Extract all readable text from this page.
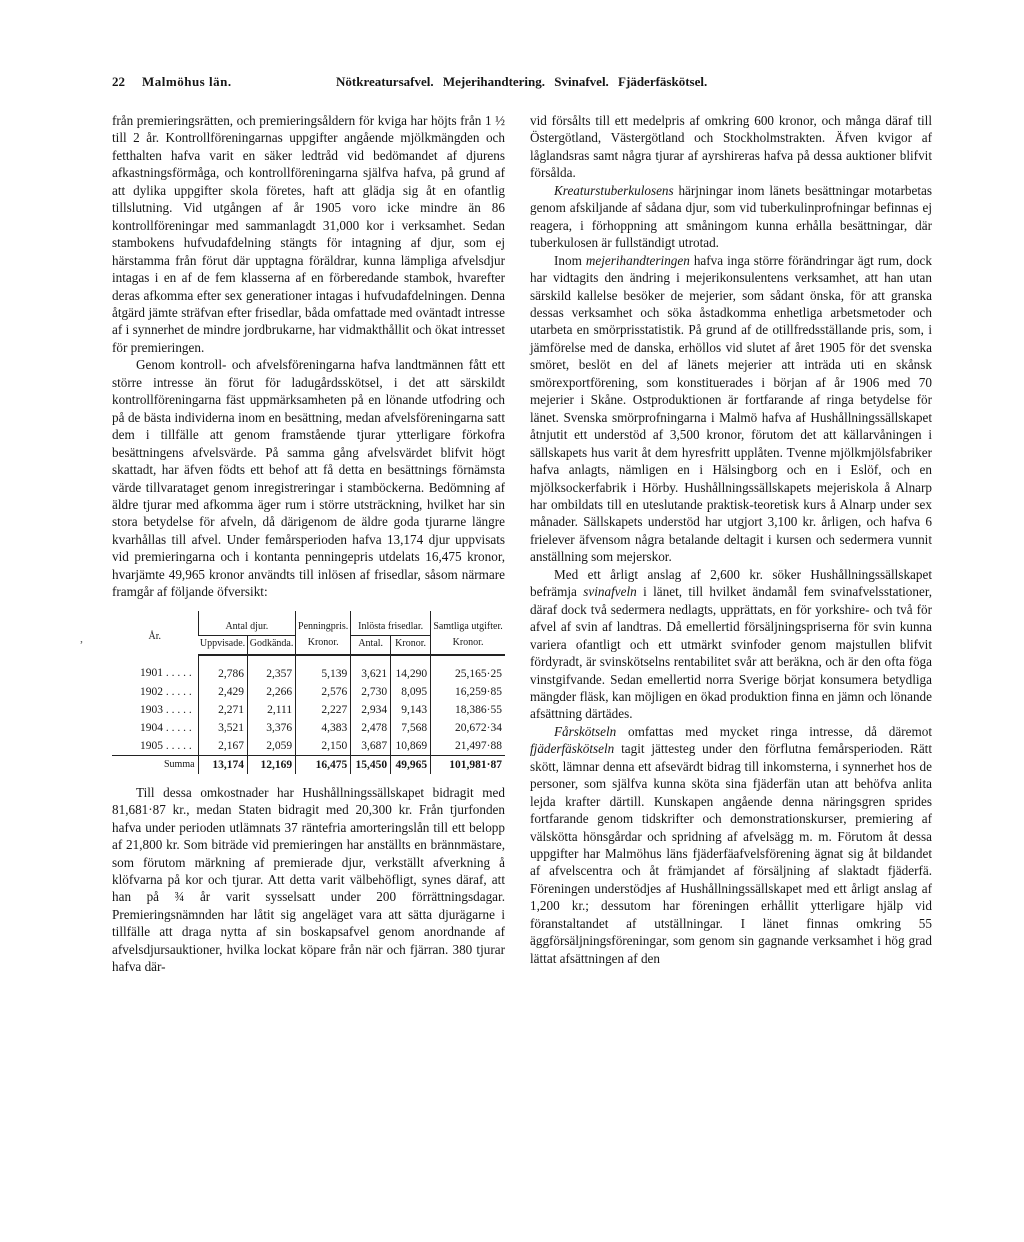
22 Malmöhus län.	Nötkreatursafvel. Mejerihandtering. Svinafvel. Fjäderfäskötsel.
,

från premieringsrätten, och premieringsåldern för kviga har höjts från 1 ½ till 2 år. Kontrollföreningarnas uppgifter angående mjölkmängden och fetthalten hafva varit en säker ledtråd vid bedömandet af djurens afkastningsförmåga, och kontrollföreningarna själfva hafva, på grund af att dylika uppgifter skola företes, haft att glädja sig åt en ofantlig tillslutning. Vid utgången af år 1905 voro icke mindre än 86 kontrollföreningar med sammanlagdt 31,000 kor i verksamhet. Sedan stambokens hufvudafdelning stängts för intagning af djur, som ej härstamma från förut där upptagna föräldrar, kunna lämpliga afvelsdjur intagas i en af de fem klasserna af en förberedande stambok, hvarefter deras afkomma efter sex generationer intagas i hufvudafdelningen. Denna åtgärd jämte sträfvan efter frisedlar, båda omfattade med oväntadt intresse af i synnerhet de mindre jordbrukarne, har vidmakthållit och ökat intresset för premieringen.

Genom kontroll- och afvelsföreningarna hafva landtmännen fått ett större intresse än förut för ladugårdsskötsel, i det att särskildt kontrollföreningarna fäst uppmärksamheten på en lönande utfodring och på de bästa individerna inom en besättning, medan afvelsföreningarna satt dem i tillfälle att genom framstående tjurar ytterligare förkofra besättningens afvelsvärde. På samma gång afvelsvärdet blifvit högt skattadt, har äfven födts ett behof att få detta en besättnings förnämsta värde tillvarataget genom inregistreringar i stamböckerna. Bedömning af äldre tjurar med afkomma äger rum i större utsträckning, hvilket har sin stora betydelse för afveln, då därigenom de äldre goda tjurarne längre kvarhållas till afvel. Under femårsperioden hafva 13,174 djur uppvisats vid premieringarna och i kontanta penningepris utdelats 16,475 kronor, hvarjämte 49,965 kronor användts till inlösen af frisedlar, såsom närmare framgår af följande öfversikt:

År.	Antal djur.		Penningpris.	Inlösta frisedlar.		Samtliga utgifter.
	Uppvisade.	Godkända.	Kronor.	Antal.	Kronor.	Kronor.
1901 . . . . .	2,786	2,357	5,139	3,621	14,290	25,165·25
1902 . . . . .	2,429	2,266	2,576	2,730	8,095	16,259·85
1903 . . . . .	2,271	2,111	2,227	2,934	9,143	18,386·55
1904 . . . . .	3,521	3,376	4,383	2,478	7,568	20,672·34
1905 . . . . .	2,167	2,059	2,150	3,687	10,869	21,497·88
Summa	13,174	12,169	16,475	15,450	49,965	101,981·87

Till dessa omkostnader har Hushållningssällskapet bidragit med 81,681·87 kr., medan Staten bidragit med 20,300 kr. Från tjurfonden hafva under perioden utlämnats 37 räntefria amorteringslån till ett belopp af 21,800 kr. Som biträde vid premieringen har anställts en brännmästare, som förutom märkning af premierade djur, verkställt afverkning å klöfvarna på kor och tjurar. Att detta varit välbehöfligt, synes däraf, att han på ¾ år varit sysselsatt under 200 förrättningsdagar. Premieringsnämnden har låtit sig angeläget vara att sätta djurägarne i tillfälle att draga nytta af sin boskapsafvel genom anordnande af afvelsdjursauktioner, hvilka lockat köpare från när och fjärran. 380 tjurar hafva där-

vid försålts till ett medelpris af omkring 600 kronor, och många däraf till Östergötland, Västergötland och Stockholmstrakten. Äfven kvigor af låglandsras samt några tjurar af ayrshireras hafva på dessa auktioner blifvit försålda.

Kreaturstuberkulosens härjningar inom länets besättningar motarbetas genom afskiljande af sådana djur, som vid tuberkulinprofningar befinnas ej reagera, i förhoppning att småningom kunna erhålla besättningar, där tuberkulosen är fullständigt utrotad.

Inom mejerihandteringen hafva inga större förändringar ägt rum, dock har vidtagits den ändring i mejerikonsulentens verksamhet, att han utan särskild kallelse besöker de mejerier, som sådant önska, för att granska dessas verksamhet och söka åstadkomma enhetliga arbetsmetoder och utarbeta en smörprisstatistik. På grund af de otillfredsställande pris, som, i jämförelse med de danska, erhöllos vid slutet af året 1905 för det svenska smöret, beslöt en del af länets mejerier att inträda uti en skånsk smörexportförening, som konstituerades i början af år 1906 med 70 mejerier i Skåne. Ostproduktionen är fortfarande af ringa betydelse för länet. Svenska smörprofningarna i Malmö hafva af Hushållningssällskapet åtnjutit ett understöd af 3,500 kronor, förutom det att källarvåningen i sällskapets hus varit åt dem hyresfritt upplåten. Tvenne mjölkmjölsfabriker hafva anlagts, nämligen en i Hälsingborg och en i Eslöf, och en mjölksockerfabrik i Hörby. Hushållningssällskapets mejeriskola å Alnarp har ombildats till en uteslutande praktisk-teoretisk kurs å Alnarp under sex månader. Sällskapets understöd har utgjort 3,100 kr. årligen, och hafva 6 frielever äfvensom några betalande deltagit i kursen och sedermera vunnit anställning som mejerskor.

Med ett årligt anslag af 2,600 kr. söker Hushållningssällskapet befrämja svinafveln i länet, till hvilket ändamål fem svinafvelsstationer, däraf dock två sedermera nedlagts, upprättats, en för yorkshire- och två för afvel af svin af landtras. Då emellertid försäljningspriserna för svin kunna variera ofantligt och ett utmärkt svinfoder genom majstullen blifvit fördyradt, är svinskötselns rentabilitet svår att beräkna, och är den ofta föga vinstgifvande. Sedan emellertid norra Sverige börjat konsumera betydliga mängder fläsk, kan möjligen en ökad produktion finna en jämn och lönande afsättning därtädes.

Fårskötseln omfattas med mycket ringa intresse, då däremot fjäderfäskötseln tagit jättesteg under den förflutna femårsperioden. Rätt skött, lämnar denna ett afsevärdt bidrag till inkomsterna, i synnerhet hos de personer, som själfva kunna sköta sina fjäderfän utan att behöfva anlita lejda krafter därtill. Kunskapen angående denna näringsgren sprides fortfarande genom tidskrifter och demonstrationskurser, premiering af välskötta hönsgårdar och spridning af afvelsägg m. m. Förutom åt dessa uppgifter har Malmöhus läns fjäderfäafvelsförening ägnat sig åt bildandet af afvelscentra och åt främjandet af försäljning af slaktadt fjäderfä. Föreningen understödjes af Hushållningssällskapet med ett årligt anslag af 1,200 kr.; dessutom har föreningen erhållit ytterligare hjälp vid föranstaltandet af utställningar. I länet finnas omkring 55 äggförsäljningsföreningar, som genom sin gagnande verksamhet i hög grad lättat afsättningen af den
